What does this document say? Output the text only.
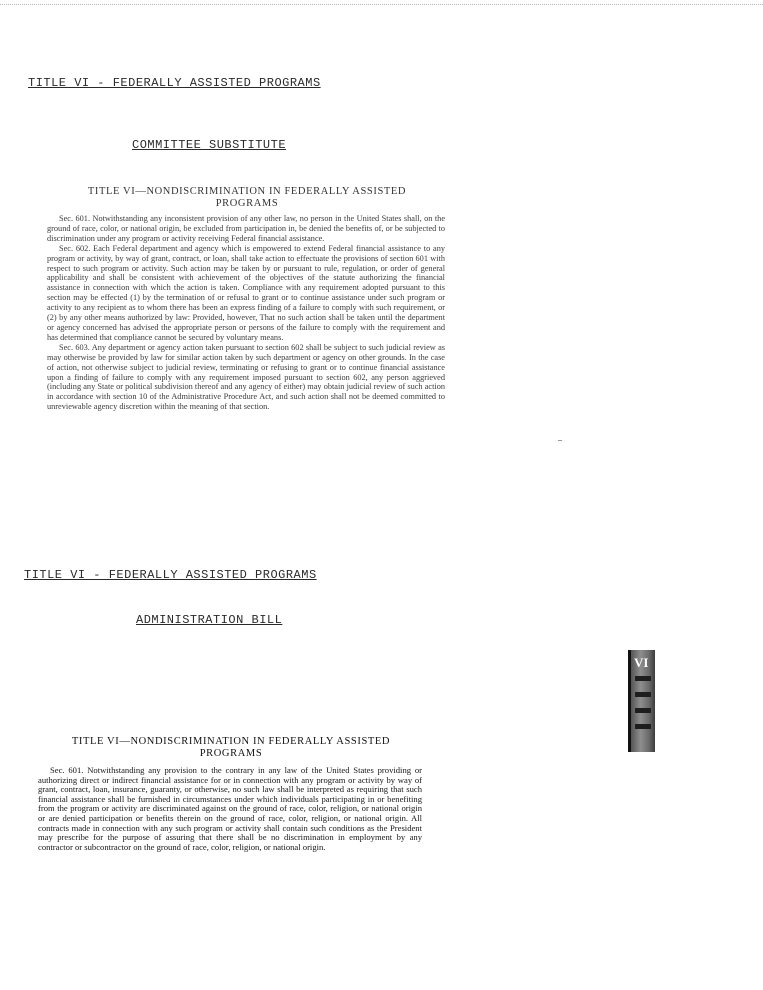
TITLE VI - FEDERALLY ASSISTED PROGRAMS
COMMITTEE SUBSTITUTE
TITLE VI—NONDISCRIMINATION IN FEDERALLY ASSISTED
PROGRAMS

Sec. 601. Notwithstanding any inconsistent provision of any other law, no person in the United States shall, on the ground of race, color, or national origin, be excluded from participation in, be denied the benefits of, or be subjected to discrimination under any program or activity receiving Federal financial assistance.

Sec. 602. Each Federal department and agency which is empowered to extend Federal financial assistance to any program or activity, by way of grant, contract, or loan, shall take action to effectuate the provisions of section 601 with respect to such program or activity. Such action may be taken by or pursuant to rule, regulation, or order of general applicability and shall be consistent with achievement of the objectives of the statute authorizing the financial assistance in connection with which the action is taken. Compliance with any requirement adopted pursuant to this section may be effected (1) by the termination of or refusal to grant or to continue assistance under such program or activity to any recipient as to whom there has been an express finding of a failure to comply with such requirement, or (2) by any other means authorized by law: Provided, however, That no such action shall be taken until the department or agency concerned has advised the appropriate person or persons of the failure to comply with the requirement and has determined that compliance cannot be secured by voluntary means.

Sec. 603. Any department or agency action taken pursuant to section 602 shall be subject to such judicial review as may otherwise be provided by law for similar action taken by such department or agency on other grounds. In the case of action, not otherwise subject to judicial review, terminating or refusing to grant or to continue financial assistance upon a finding of failure to comply with any requirement imposed pursuant to section 602, any person aggrieved (including any State or political subdivision thereof and any agency of either) may obtain judicial review of such action in accordance with section 10 of the Administrative Procedure Act, and such action shall not be deemed committed to unreviewable agency discretion within the meaning of that section.

TITLE VI - FEDERALLY ASSISTED PROGRAMS
ADMINISTRATION BILL
TITLE VI—NONDISCRIMINATION IN FEDERALLY ASSISTED
PROGRAMS

Sec. 601. Notwithstanding any provision to the contrary in any law of the United States providing or authorizing direct or indirect financial assistance for or in connection with any program or activity by way of grant, contract, loan, insurance, guaranty, or otherwise, no such law shall be interpreted as requiring that such financial assistance shall be furnished in circumstances under which individuals participating in or benefiting from the program or activity are discriminated against on the ground of race, color, religion, or national origin or are denied participation or benefits therein on the ground of race, color, religion, or national origin. All contracts made in connection with any such program or activity shall contain such conditions as the President may prescribe for the purpose of assuring that there shall be no discrimination in employment by any contractor or subcontractor on the ground of race, color, religion, or national origin.

VI
